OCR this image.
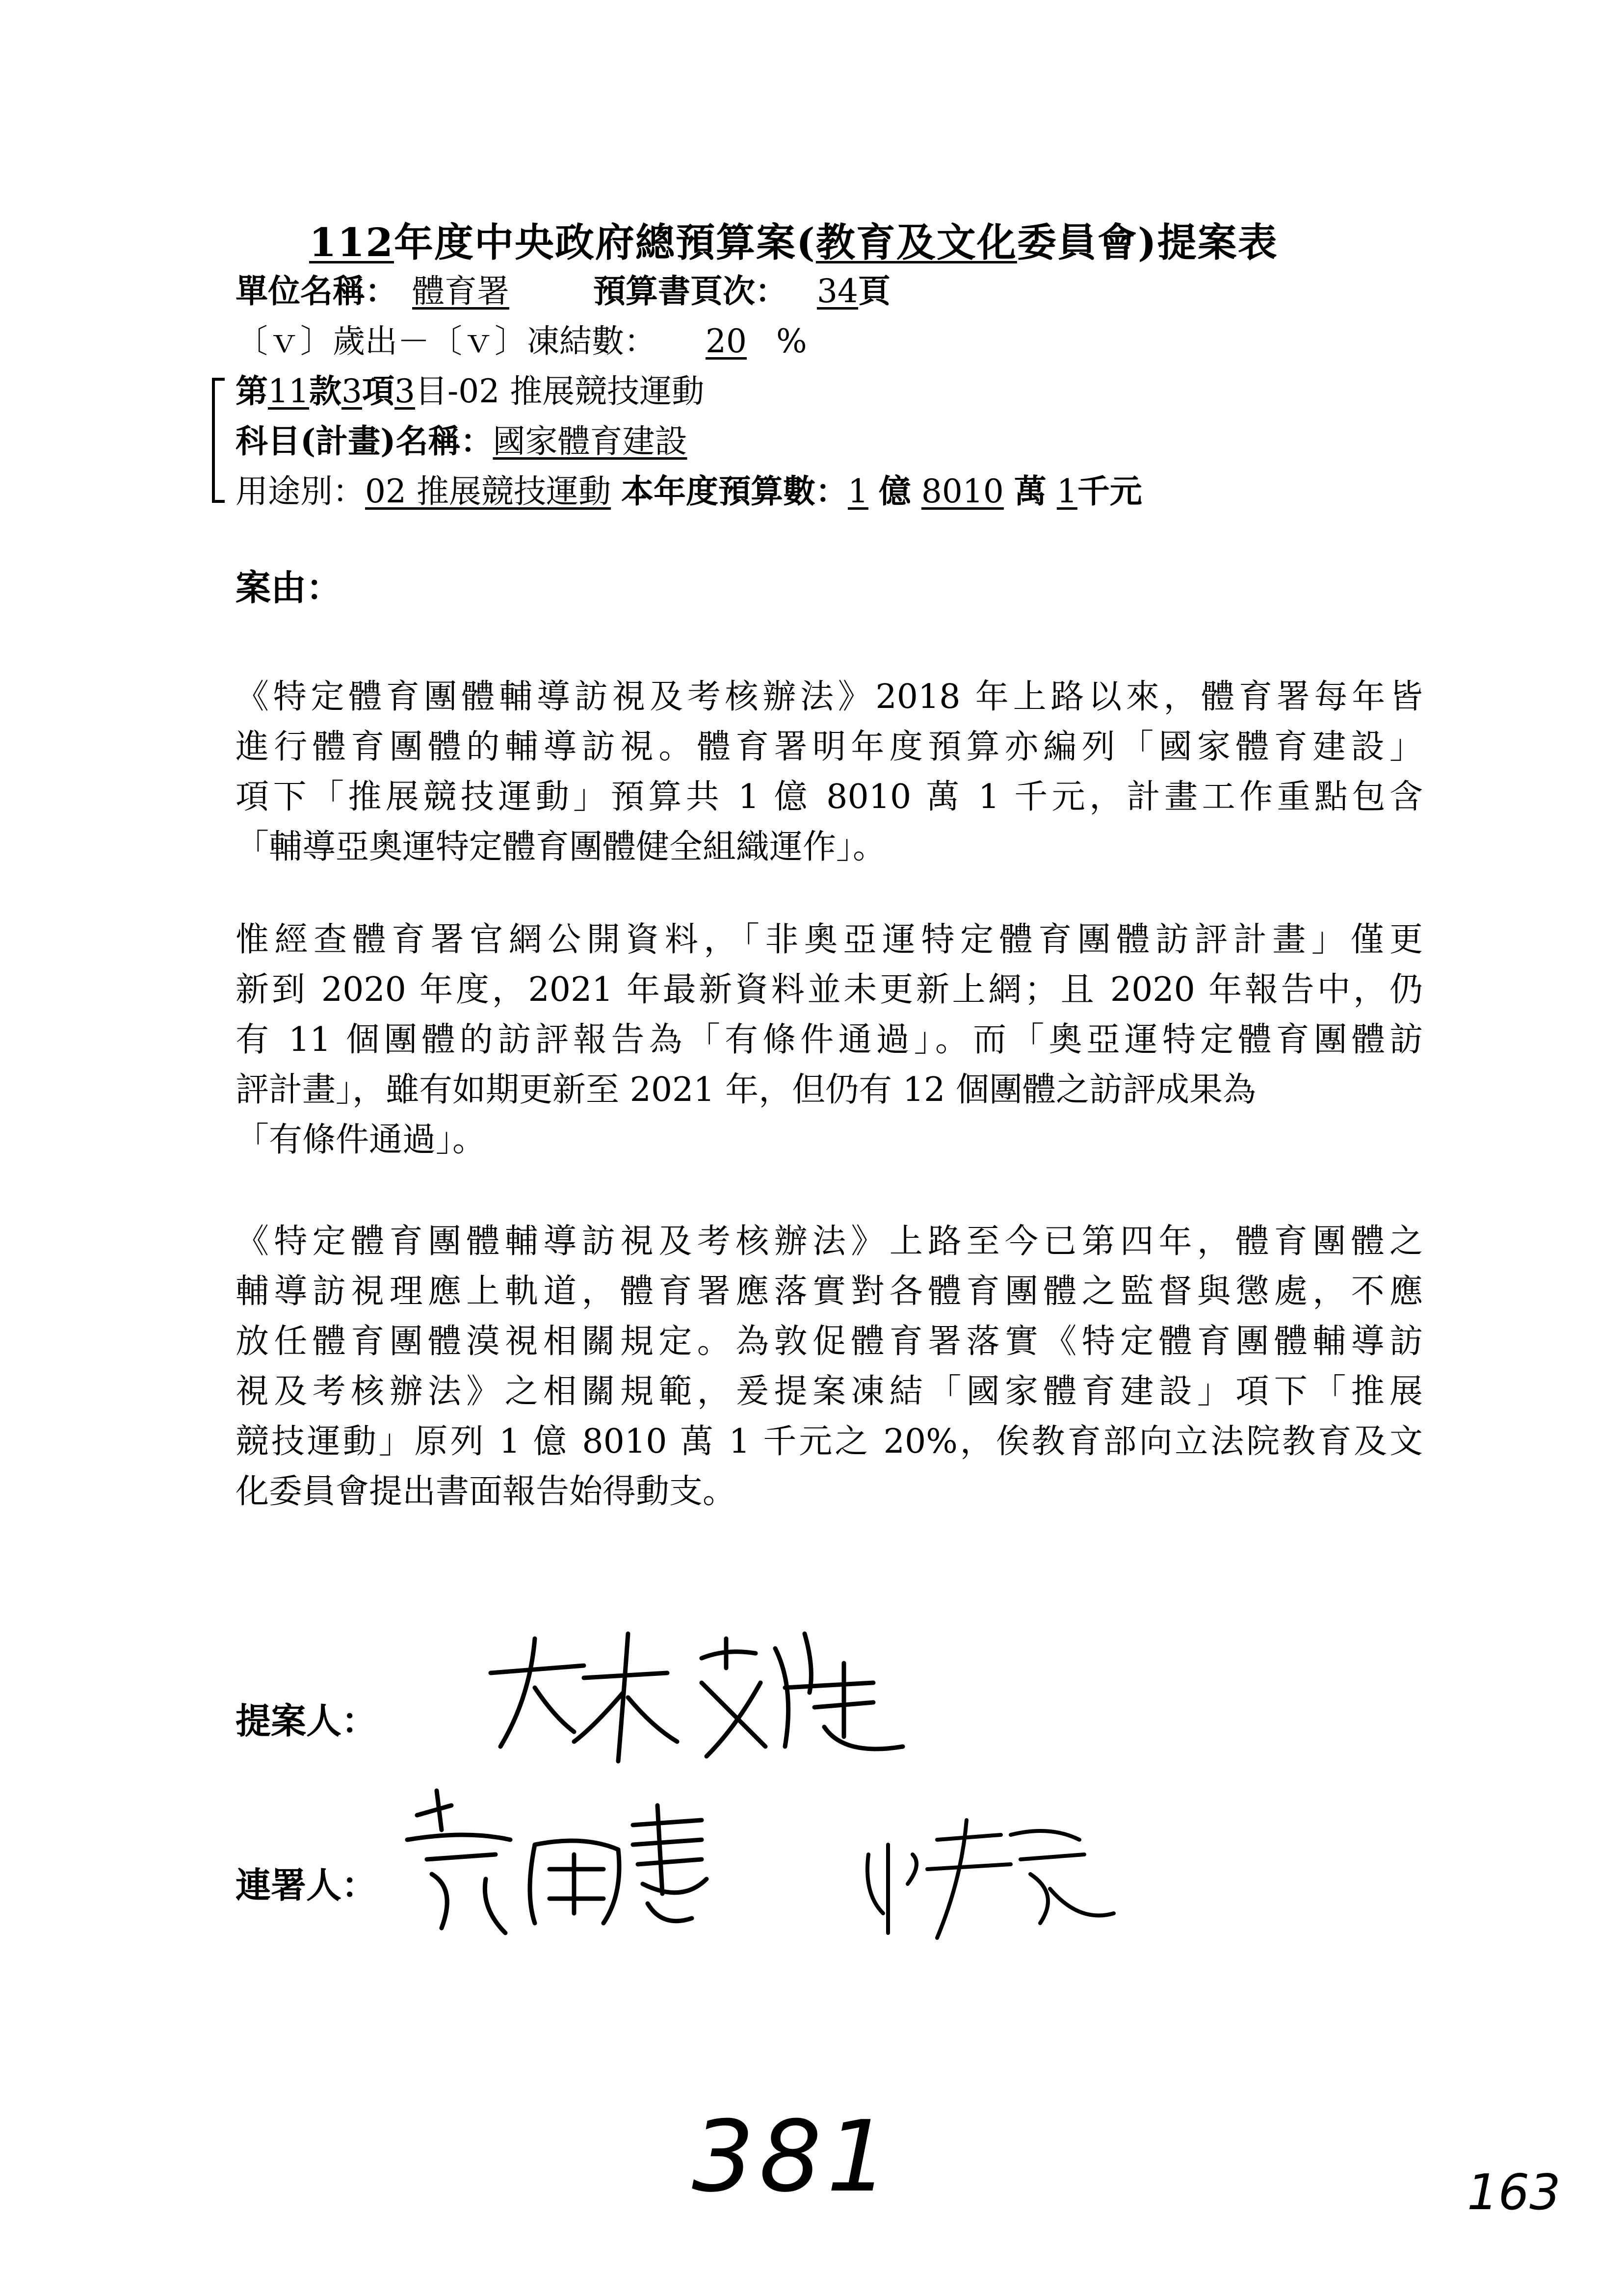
112年度中央政府總預算案(教育及文化委員會)提案表
單位名稱： 體育署	預算書頁次： 34頁
〔ｖ〕歲出－〔ｖ〕凍結數： 20 %
第11款3項3目-02 推展競技運動
科目(計畫)名稱：國家體育建設
用途別：02 推展競技運動 本年度預算數：1 億 8010 萬 1千元
案由：
《特定體育團體輔導訪視及考核辦法》2018 年上路以來，體育署每年皆
進行體育團體的輔導訪視。體育署明年度預算亦編列「國家體育建設」
項下「推展競技運動」預算共 1 億 8010 萬 1 千元，計畫工作重點包含
「輔導亞奧運特定體育團體健全組織運作」。
惟經查體育署官網公開資料，「非奧亞運特定體育團體訪評計畫」僅更
新到 2020 年度，2021 年最新資料並未更新上網；且 2020 年報告中，仍
有 11 個團體的訪評報告為「有條件通過」。而「奧亞運特定體育團體訪
評計畫」，雖有如期更新至 2021 年，但仍有 12 個團體之訪評成果為
「有條件通過」。
《特定體育團體輔導訪視及考核辦法》上路至今已第四年，體育團體之
輔導訪視理應上軌道，體育署應落實對各體育團體之監督與懲處，不應
放任體育團體漠視相關規定。為敦促體育署落實《特定體育團體輔導訪
視及考核辦法》之相關規範，爰提案凍結「國家體育建設」項下「推展
競技運動」原列 1 億 8010 萬 1 千元之 20%，俟教育部向立法院教育及文
化委員會提出書面報告始得動支。
提案人：
連署人：
381	163
